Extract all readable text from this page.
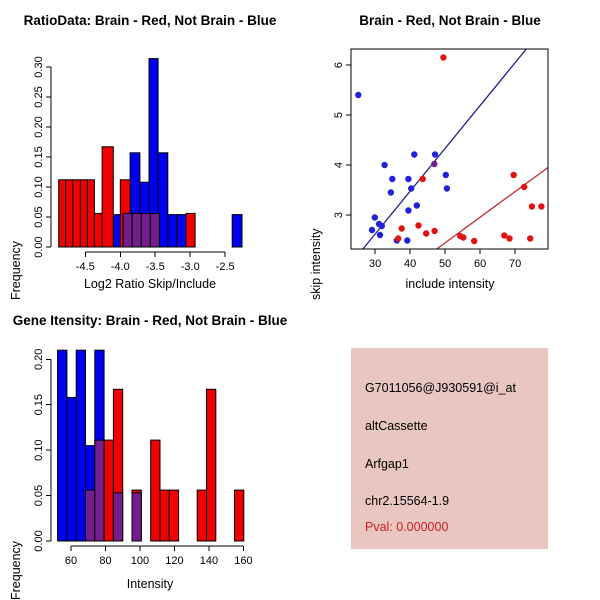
RatioData: Brain - Red, Not Brain - Blue
Frequency	-4.5 -4.0 -3.5 -3.0 -2.5
0.00
0.05
0.10
0.15
0.20
0.25
0.30
Log2 Ratio Skip/Include
Brain - Red, Not Brain - Blue
skip intensity	30 40 50 60 70
3
4
5
6
include intensity
Gene Itensity: Brain - Red, Not Brain - Blue
Frequency	60 80 100 120 140 160
0.00
0.05
0.10
0.15
0.20
Intensity
G7011056@J930591@i_at
altCassette
Arfgap1
chr2.15564-1.9
Pval: 0.000000
